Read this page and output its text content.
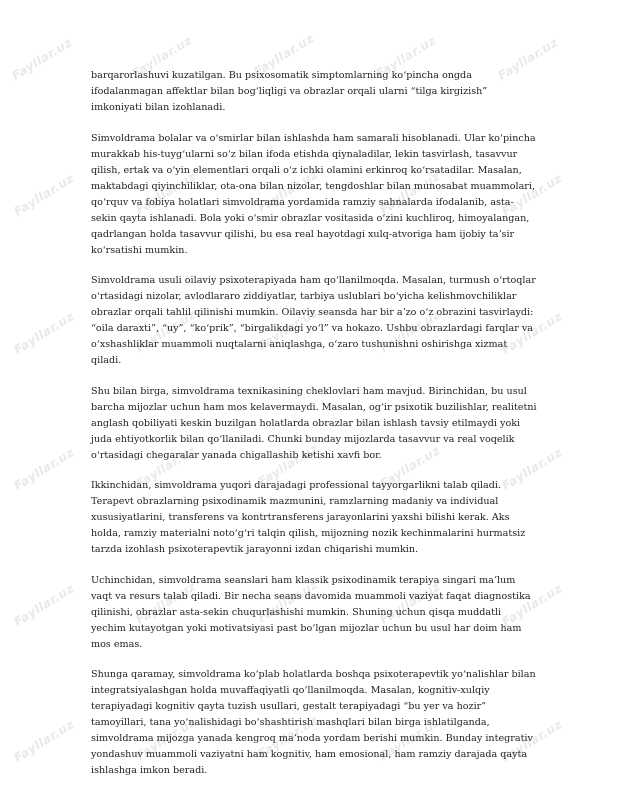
Fayllar.uz	Fayllar.uz	Fayllar.uz	Fayllar.uz	Fayllar.uz
Fayllar.uz	Fayllar.uz	Fayllar.uz	Fayllar.uz	Fayllar.uz
Fayllar.uz	Fayllar.uz	Fayllar.uz	Fayllar.uz	Fayllar.uz
Fayllar.uz	Fayllar.uz	Fayllar.uz	Fayllar.uz	Fayllar.uz
Fayllar.uz	Fayllar.uz	Fayllar.uz	Fayllar.uz	Fayllar.uz
Fayllar.uz	Fayllar.uz	Fayllar.uz	Fayllar.uz	Fayllar.uz

barqarorlashuvi kuzatilgan. Bu psixosomatik simptomlarning koʻpincha ongda ifodalanmagan affektlar bilan bogʻliqligi va obrazlar orqali ularni “tilga kirgizish” imkoniyati bilan izohlanadi.

Simvoldrama bolalar va oʻsmirlar bilan ishlashda ham samarali hisoblanadi. Ular koʻpincha murakkab his-tuygʻularni soʻz bilan ifoda etishda qiynaladilar, lekin tasvirlash, tasavvur qilish, ertak va oʻyin elementlari orqali oʻz ichki olamini erkinroq koʻrsatadilar. Masalan, maktabdagi qiyinchiliklar, ota-ona bilan nizolar, tengdoshlar bilan munosabat muammolari, qoʻrquv va fobiya holatlari simvoldrama yordamida ramziy sahnalarda ifodalanib, asta-sekin qayta ishlanadi. Bola yoki oʻsmir obrazlar vositasida oʻzini kuchliroq, himoyalangan, qadrlangan holda tasavvur qilishi, bu esa real hayotdagi xulq-atvoriga ham ijobiy taʼsir koʻrsatishi mumkin.

Simvoldrama usuli oilaviy psixoterapiyada ham qoʻllanilmoqda. Masalan, turmush oʻrtoqlar oʻrtasidagi nizolar, avlodlararo ziddiyatlar, tarbiya uslublari boʻyicha kelishmovchiliklar obrazlar orqali tahlil qilinishi mumkin. Oilaviy seansda har bir aʼzo oʻz obrazini tasvirlaydi: “oila daraxti”, “uy”, “koʻprik”, “birgalikdagi yoʻl” va hokazo. Ushbu obrazlardagi farqlar va oʻxshashliklar muammoli nuqtalarni aniqlashga, oʻzaro tushunishni oshirishga xizmat qiladi.

Shu bilan birga, simvoldrama texnikasining cheklovlari ham mavjud. Birinchidan, bu usul barcha mijozlar uchun ham mos kelavermaydi. Masalan, ogʻir psixotik buzilishlar, realitetni anglash qobiliyati keskin buzilgan holatlarda obrazlar bilan ishlash tavsiy etilmaydi yoki juda ehtiyotkorlik bilan qoʻllaniladi. Chunki bunday mijozlarda tasavvur va real voqelik oʻrtasidagi chegaralar yanada chigallashib ketishi xavfi bor.

Ikkinchidan, simvoldrama yuqori darajadagi professional tayyorgarlikni talab qiladi. Terapevt obrazlarning psixodinamik mazmunini, ramzlarning madaniy va individual xususiyatlarini, transferens va kontrtransferens jarayonlarini yaxshi bilishi kerak. Aks holda, ramziy materialni notoʻgʻri talqin qilish, mijozning nozik kechinmalarini hurmatsiz tarzda izohlash psixoterapevtik jarayonni izdan chiqarishi mumkin.

Uchinchidan, simvoldrama seanslari ham klassik psixodinamik terapiya singari maʼlum vaqt va resurs talab qiladi. Bir necha seans davomida muammoli vaziyat faqat diagnostika qilinishi, obrazlar asta-sekin chuqurlashishi mumkin. Shuning uchun qisqa muddatli yechim kutayotgan yoki motivatsiyasi past boʻlgan mijozlar uchun bu usul har doim ham mos emas.

Shunga qaramay, simvoldrama koʻplab holatlarda boshqa psixoterapevtik yoʻnalishlar bilan integratsiyalashgan holda muvaffaqiyatli qoʻllanilmoqda. Masalan, kognitiv-xulqiy terapiyadagi kognitiv qayta tuzish usullari, gestalt terapiyadagi “bu yer va hozir” tamoyillari, tana yoʻnalishidagi boʻshashtirish mashqlari bilan birga ishlatilganda, simvoldrama mijozga yanada kengroq maʼnoda yordam berishi mumkin. Bunday integrativ yondashuv muammoli vaziyatni ham kognitiv, ham emosional, ham ramziy darajada qayta ishlashga imkon beradi.
